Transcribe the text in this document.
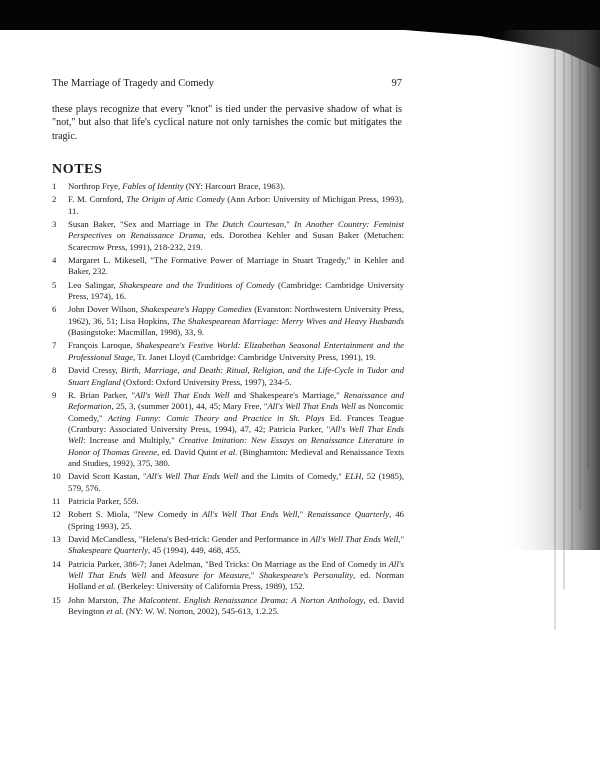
The Marriage of Tragedy and Comedy	97
these plays recognize that every "knot" is tied under the pervasive shadow of what is "not," but also that life's cyclical nature not only tarnishes the comic but mitigates the tragic.
NOTES
1	Northrop Frye, Fables of Identity (NY: Harcourt Brace, 1963).
2	F. M. Cornford, The Origin of Attic Comedy (Ann Arbor: University of Michigan Press, 1993), 11.
3	Susan Baker, "Sex and Marriage in The Dutch Courtesan," In Another Country: Feminist Perspectives on Renaissance Drama, eds. Dorothea Kehler and Susan Baker (Metuchen: Scarecrow Press, 1991), 218-232, 219.
4	Margaret L. Mikesell, "The Formative Power of Marriage in Stuart Tragedy," in Kehler and Baker, 232.
5	Leo Salingar, Shakespeare and the Traditions of Comedy (Cambridge: Cambridge University Press, 1974), 16.
6	John Dover Wilson, Shakespeare's Happy Comedies (Evanston: Northwestern University Press, 1962), 36, 51; Lisa Hopkins, The Shakespearean Marriage: Merry Wives and Heavy Husbands (Basingstoke: Macmillan, 1998), 33, 9.
7	François Laroque, Shakespeare's Festive World: Elizabethan Seasonal Entertainment and the Professional Stage, Tr. Janet Lloyd (Cambridge: Cambridge University Press, 1991), 19.
8	David Cressy, Birth, Marriage, and Death: Ritual, Religion, and the Life-Cycle in Tudor and Stuart England (Oxford: Oxford University Press, 1997), 234-5.
9	R. Brian Parker, "All's Well That Ends Well and Shakespeare's Marriage," Renaissance and Reformation, 25, 3, (summer 2001), 44, 45; Mary Free, "All's Well That Ends Well as Noncomic Comedy," Acting Funny: Comic Theory and Practice in Sh. Plays Ed. Frances Teague (Cranbury: Associated University Press, 1994), 47, 42; Patricia Parker, "All's Well That Ends Well: Increase and Multiply," Creative Imitation: New Essays on Renaissance Literature in Honor of Thomas Greene, ed. David Quint et al. (Binghamton: Medieval and Renaissance Texts and Studies, 1992), 375, 380.
10 David Scott Kastan, "All's Well That Ends Well and the Limits of Comedy," ELH, 52 (1985), 579, 576.
11 Patricia Parker, 559.
12 Robert S. Miola, "New Comedy in All's Well That Ends Well," Renaissance Quarterly, 46 (Spring 1993), 25.
13 David McCandless, "Helena's Bed-trick: Gender and Performance in All's Well That Ends Well," Shakespeare Quarterly, 45 (1994), 449, 468, 455.
14 Patricia Parker, 386-7; Janet Adelman, "Bed Tricks: On Marriage as the End of Comedy in All's Well That Ends Well and Measure for Measure," Shakespeare's Personality, ed. Norman Holland et al. (Berkeley: University of California Press, 1989), 152.
15 John Marston, The Malcontent. English Renaissance Drama: A Norton Anthology, ed. David Bevington et al. (NY: W. W. Norton, 2002), 545-613, 1.2.25.
